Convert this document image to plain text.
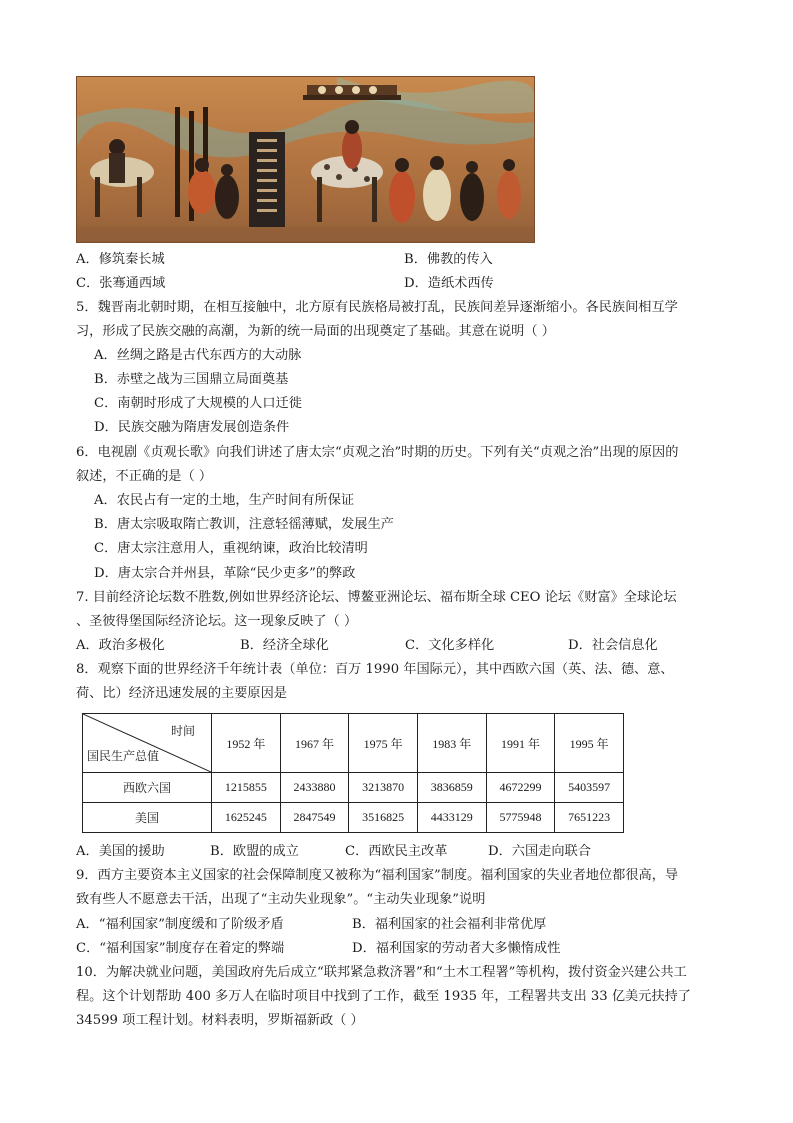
A．修筑秦长城	B．佛教的传入
C．张骞通西域	D．造纸术西传
5．魏晋南北朝时期，在相互接触中，北方原有民族格局被打乱，民族间差异逐渐缩小。各民族间相互学
习，形成了民族交融的高潮，为新的统一局面的出现奠定了基础。其意在说明（ ）
A．丝绸之路是古代东西方的大动脉
B．赤壁之战为三国鼎立局面奠基
C．南朝时形成了大规模的人口迁徙
D．民族交融为隋唐发展创造条件
6．电视剧《贞观长歌》向我们讲述了唐太宗“贞观之治”时期的历史。下列有关“贞观之治”出现的原因的
叙述，不正确的是（ ）
A．农民占有一定的土地，生产时间有所保证
B．唐太宗吸取隋亡教训，注意轻徭薄赋，发展生产
C．唐太宗注意用人，重视纳谏，政治比较清明
D．唐太宗合并州县，革除“民少吏多”的弊政
7. 目前经济论坛数不胜数,例如世界经济论坛、博鳌亚洲论坛、福布斯全球 CEO 论坛《财富》全球论坛
、圣彼得堡国际经济论坛。这一现象反映了（ ）
A．政治多极化	B．经济全球化	C．文化多样化	D．社会信息化
8．观察下面的世界经济千年统计表（单位：百万 1990 年国际元），其中西欧六国（英、法、德、意、
荷、比）经济迅速发展的主要原因是
时间
国民生产总值	1952 年	1967 年	1975 年	1983 年	1991 年	1995 年
西欧六国	1215855	2433880	3213870	3836859	4672299	5403597
美国	1625245	2847549	3516825	4433129	5775948	7651223
A．美国的援助	B．欧盟的成立	C．西欧民主改革	D．六国走向联合
9．西方主要资本主义国家的社会保障制度又被称为“福利国家”制度。福利国家的失业者地位都很高，导
致有些人不愿意去干活，出现了“主动失业现象”。“主动失业现象”说明
A．“福利国家”制度缓和了阶级矛盾	B．福利国家的社会福利非常优厚
C．“福利国家”制度存在着定的弊端	D．福利国家的劳动者大多懒惰成性
10．为解决就业问题，美国政府先后成立“联邦紧急救济署”和“土木工程署”等机构，拨付资金兴建公共工
程。这个计划帮助 400 多万人在临时项目中找到了工作，截至 1935 年，工程署共支出 33 亿美元扶持了
34599 项工程计划。材料表明，罗斯福新政（ ）
